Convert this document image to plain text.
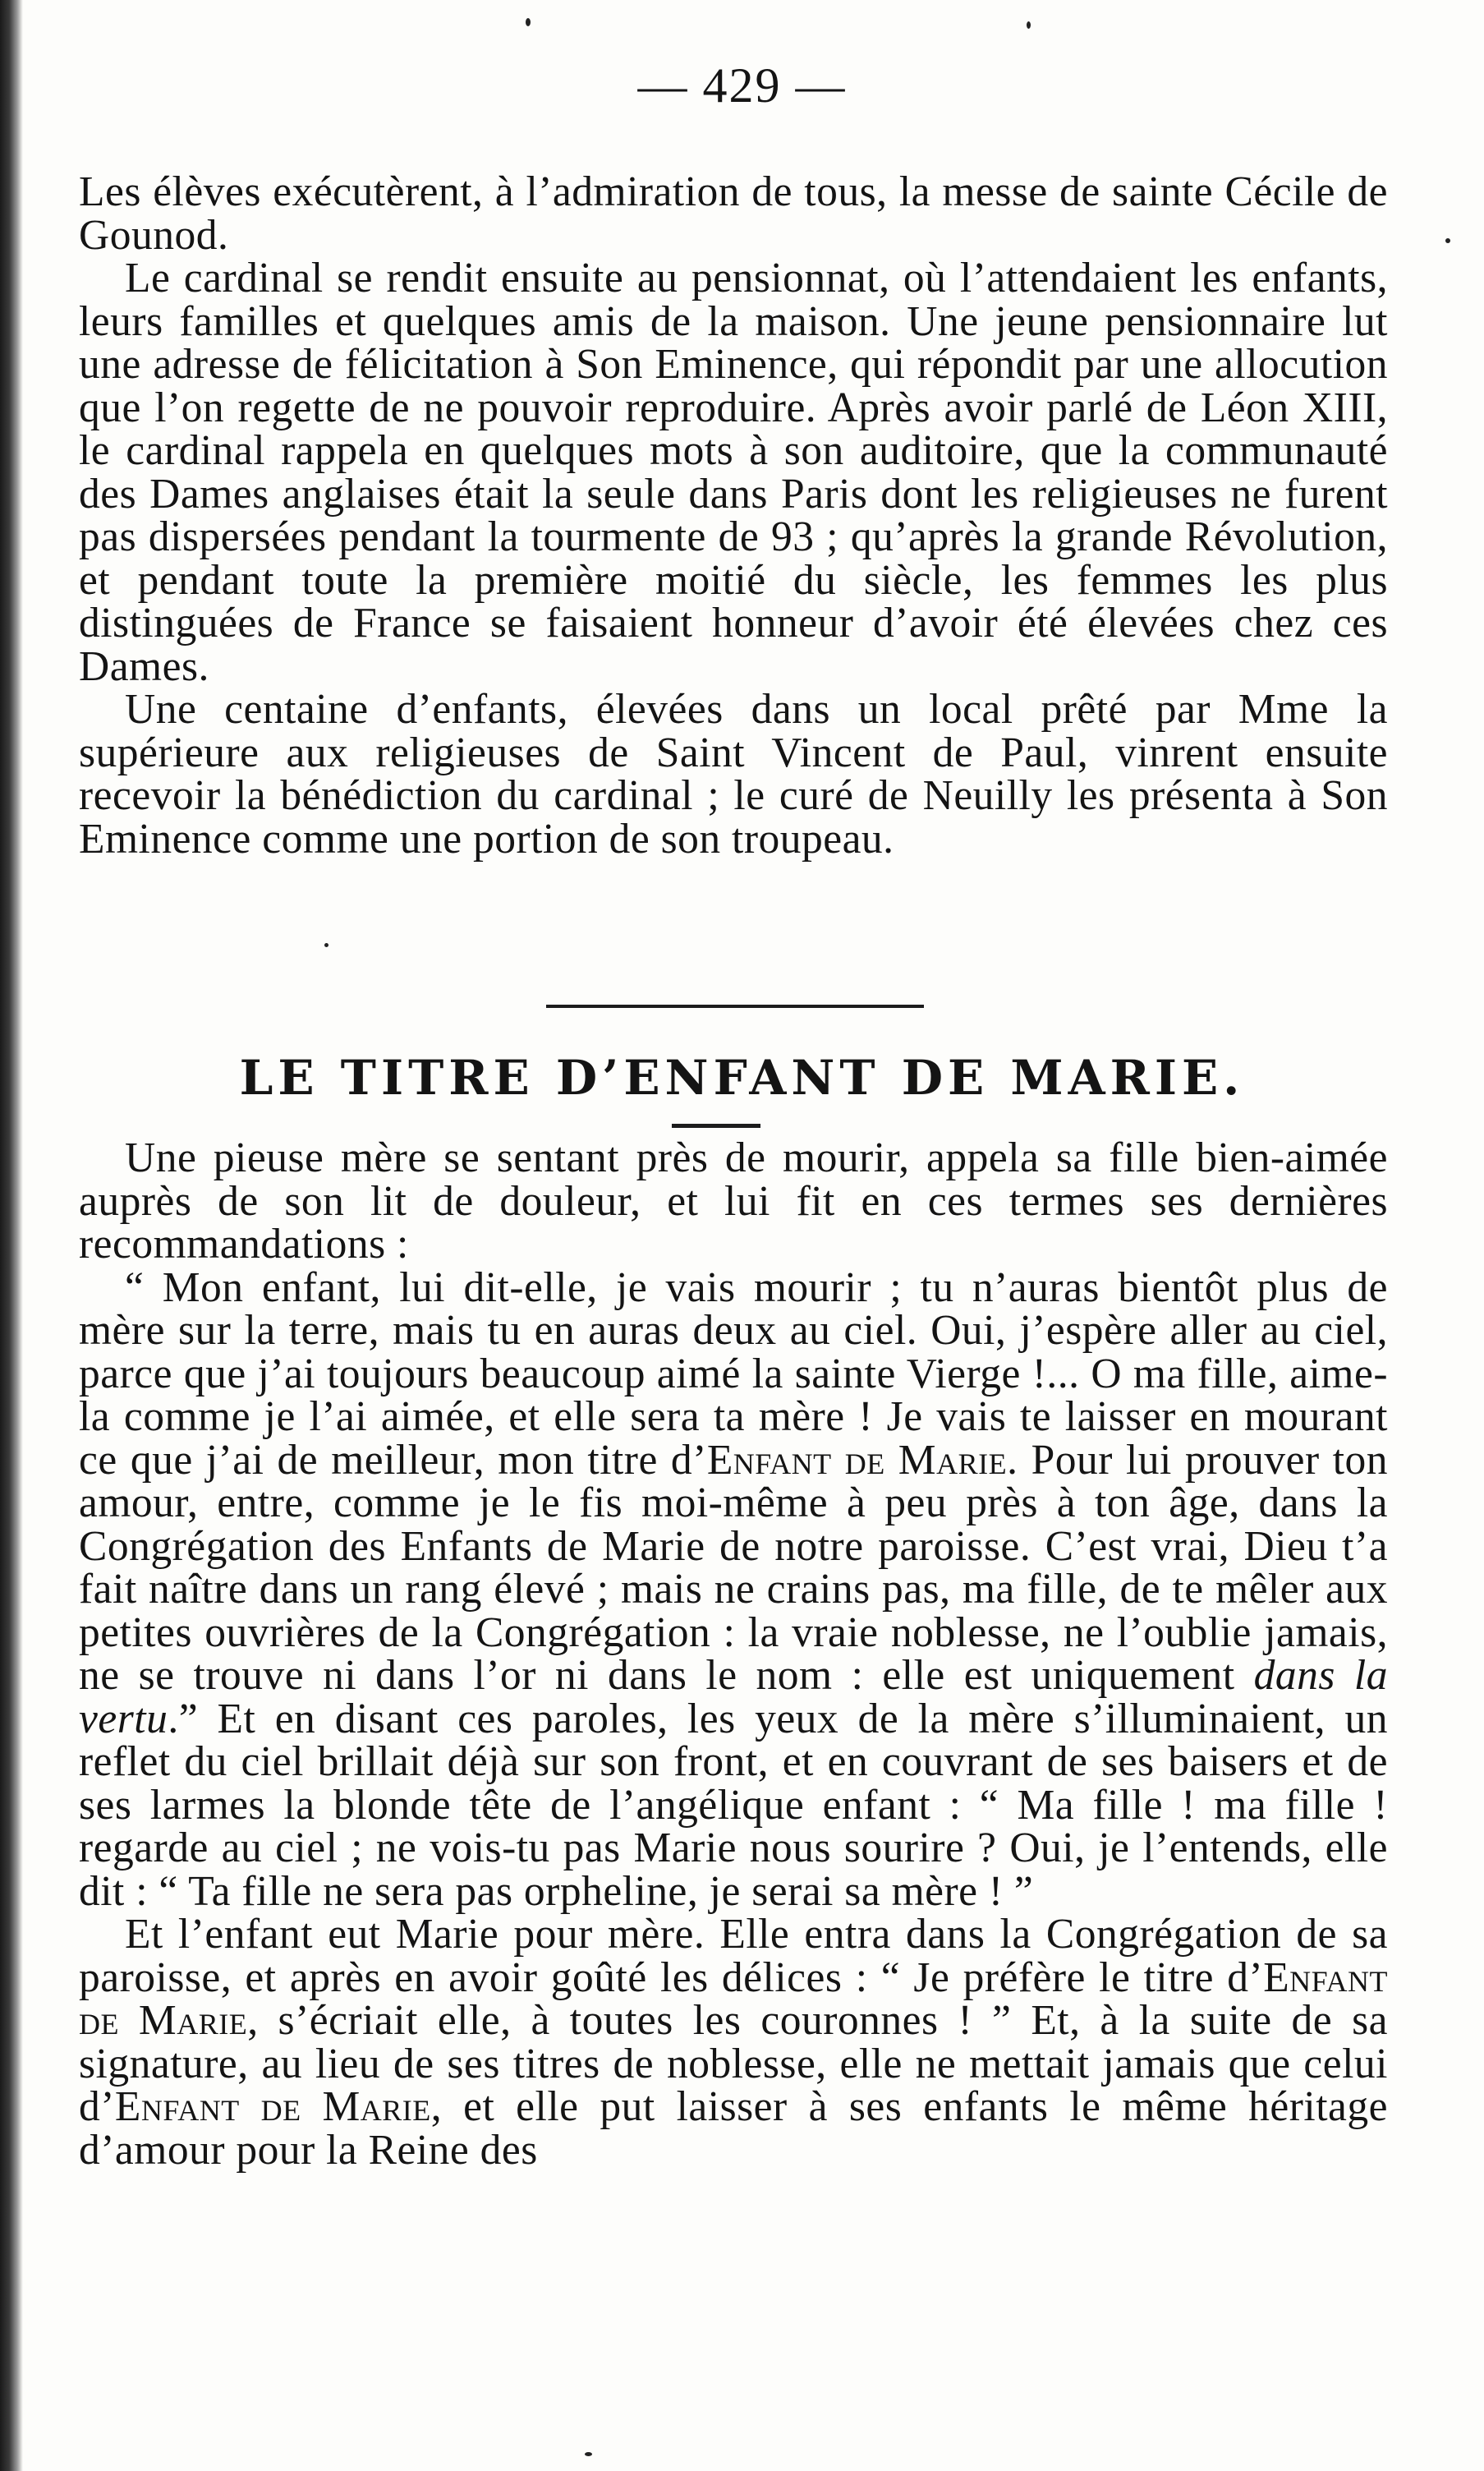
— 429 —

Les élèves exécutèrent, à l’admiration de tous, la messe de sainte Cécile de Gounod.

Le cardinal se rendit ensuite au pensionnat, où l’attendaient les enfants, leurs familles et quelques amis de la maison. Une jeune pensionnaire lut une adresse de félicitation à Son Eminence, qui répondit par une allocution que l’on regette de ne pouvoir reproduire. Après avoir parlé de Léon XIII, le cardinal rappela en quelques mots à son auditoire, que la communauté des Dames anglaises était la seule dans Paris dont les religieuses ne furent pas dispersées pendant la tourmente de 93 ; qu’après la grande Révolution, et pendant toute la première moitié du siècle, les femmes les plus distinguées de France se faisaient honneur d’avoir été élevées chez ces Dames.

Une centaine d’enfants, élevées dans un local prêté par Mme la supérieure aux religieuses de Saint Vincent de Paul, vinrent ensuite recevoir la bénédiction du cardinal ; le curé de Neuilly les présenta à Son Eminence comme une portion de son troupeau.

LE TITRE D’ENFANT DE MARIE.

Une pieuse mère se sentant près de mourir, appela sa fille bien-aimée auprès de son lit de douleur, et lui fit en ces termes ses dernières recommandations :

“ Mon enfant, lui dit-elle, je vais mourir ; tu n’auras bientôt plus de mère sur la terre, mais tu en auras deux au ciel. Oui, j’espère aller au ciel, parce que j’ai toujours beaucoup aimé la sainte Vierge !... O ma fille, aime-la comme je l’ai aimée, et elle sera ta mère ! Je vais te laisser en mourant ce que j’ai de meilleur, mon titre d’Enfant de Marie. Pour lui prouver ton amour, entre, comme je le fis moi-même à peu près à ton âge, dans la Congrégation des Enfants de Marie de notre paroisse. C’est vrai, Dieu t’a fait naître dans un rang élevé ; mais ne crains pas, ma fille, de te mêler aux petites ouvrières de la Congrégation : la vraie noblesse, ne l’oublie jamais, ne se trouve ni dans l’or ni dans le nom : elle est uniquement dans la vertu.” Et en disant ces paroles, les yeux de la mère s’illuminaient, un reflet du ciel brillait déjà sur son front, et en couvrant de ses baisers et de ses larmes la blonde tête de l’angélique enfant : “ Ma fille ! ma fille ! regarde au ciel ; ne vois-tu pas Marie nous sourire ? Oui, je l’entends, elle dit : “ Ta fille ne sera pas orpheline, je serai sa mère ! ”

Et l’enfant eut Marie pour mère. Elle entra dans la Congrégation de sa paroisse, et après en avoir goûté les délices : “ Je préfère le titre d’Enfant de Marie, s’écriait elle, à toutes les couronnes ! ” Et, à la suite de sa signature, au lieu de ses titres de noblesse, elle ne mettait jamais que celui d’Enfant de Marie, et elle put laisser à ses enfants le même héritage d’amour pour la Reine des
